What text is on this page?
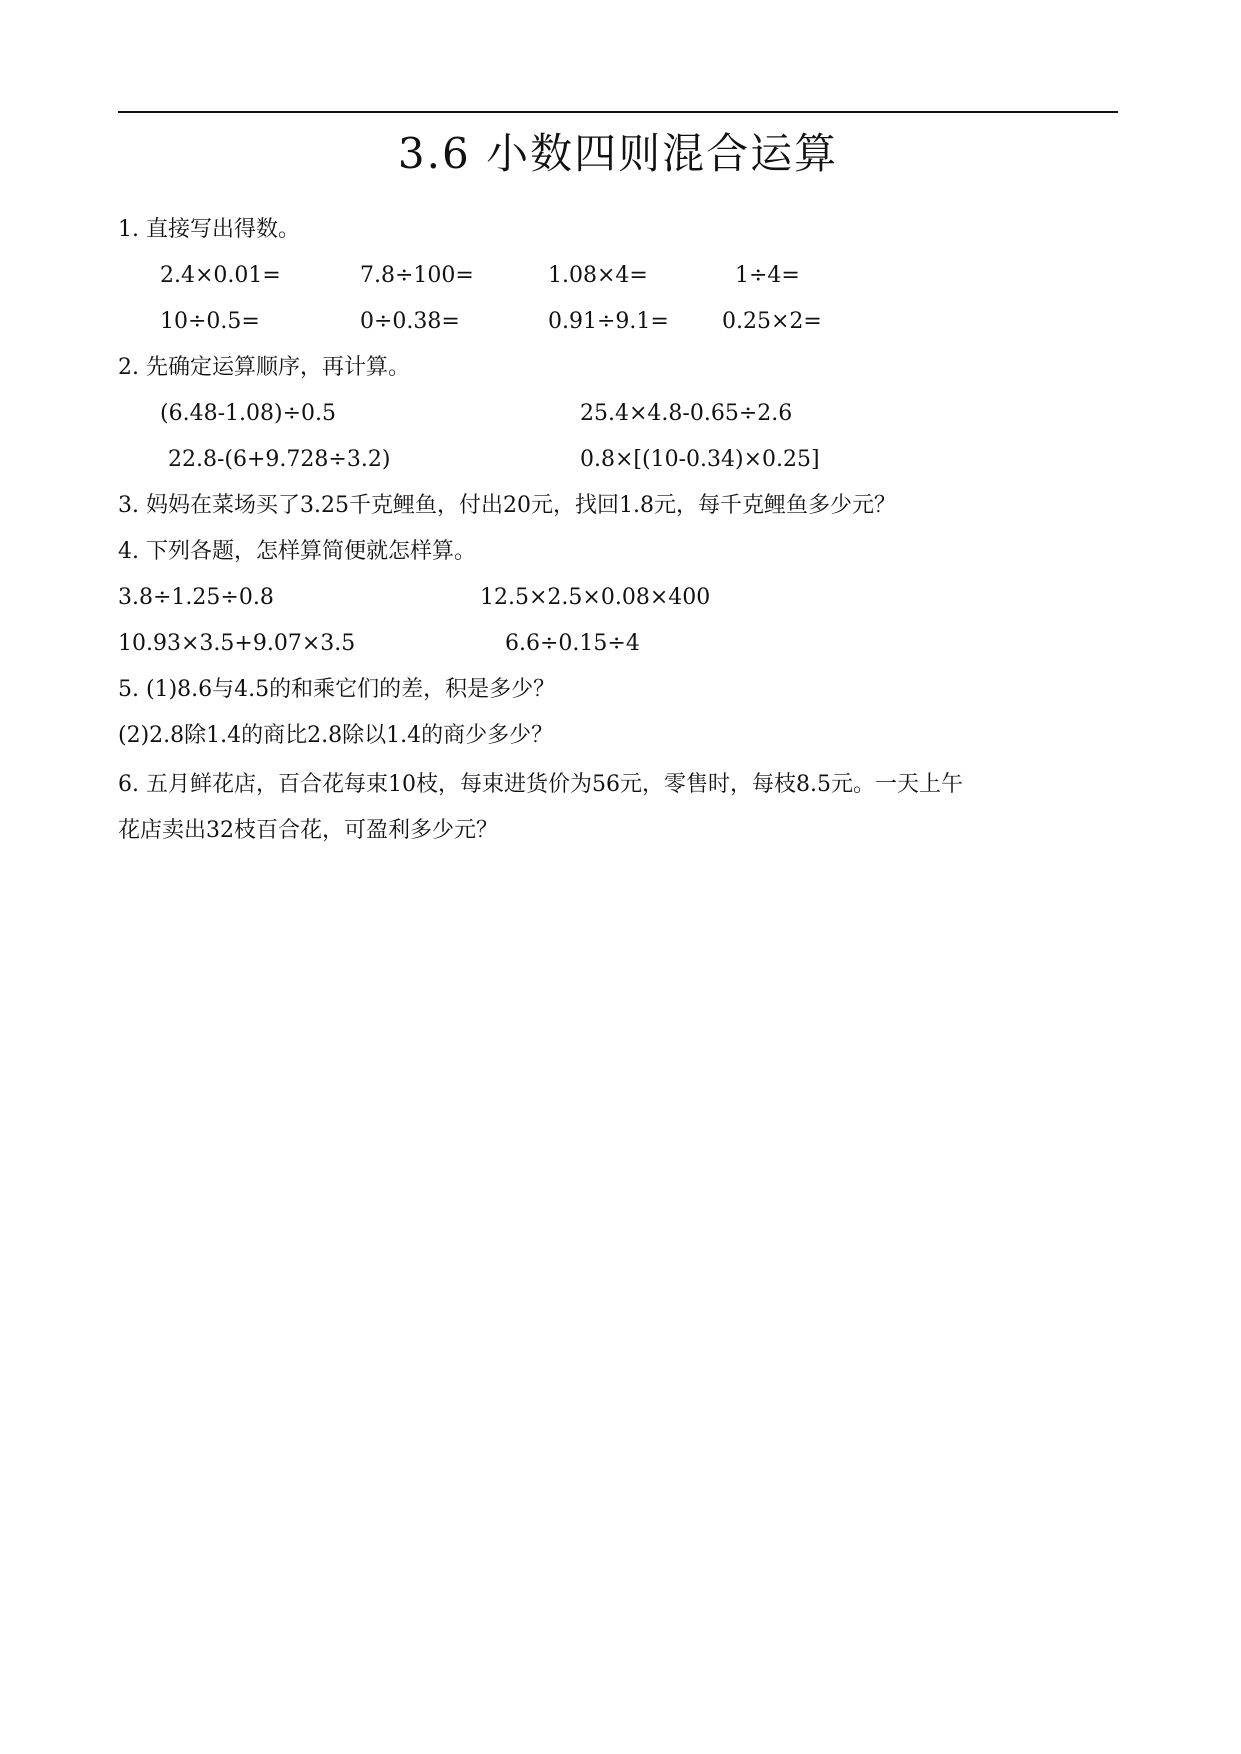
3.6 小数四则混合运算
1. 直接写出得数。
2.4×0.01=	7.8÷100=	1.08×4=	1÷4=
10÷0.5=	0÷0.38=	0.91÷9.1= 0.25×2=
2. 先确定运算顺序，再计算。
(6.48-1.08)÷0.5	25.4×4.8-0.65÷2.6
22.8-(6+9.728÷3.2)	0.8×[(10-0.34)×0.25]
3. 妈妈在菜场买了3.25千克鲤鱼，付出20元，找回1.8元，每千克鲤鱼多少元？
4. 下列各题，怎样算简便就怎样算。
3.8÷1.25÷0.8	12.5×2.5×0.08×400
10.93×3.5+9.07×3.5	6.6÷0.15÷4
5. (1)8.6与4.5的和乘它们的差，积是多少？
(2)2.8除1.4的商比2.8除以1.4的商少多少？
6. 五月鲜花店，百合花每束10枝，每束进货价为56元，零售时，每枝8.5元。一天上午
花店卖出32枝百合花，可盈利多少元？
